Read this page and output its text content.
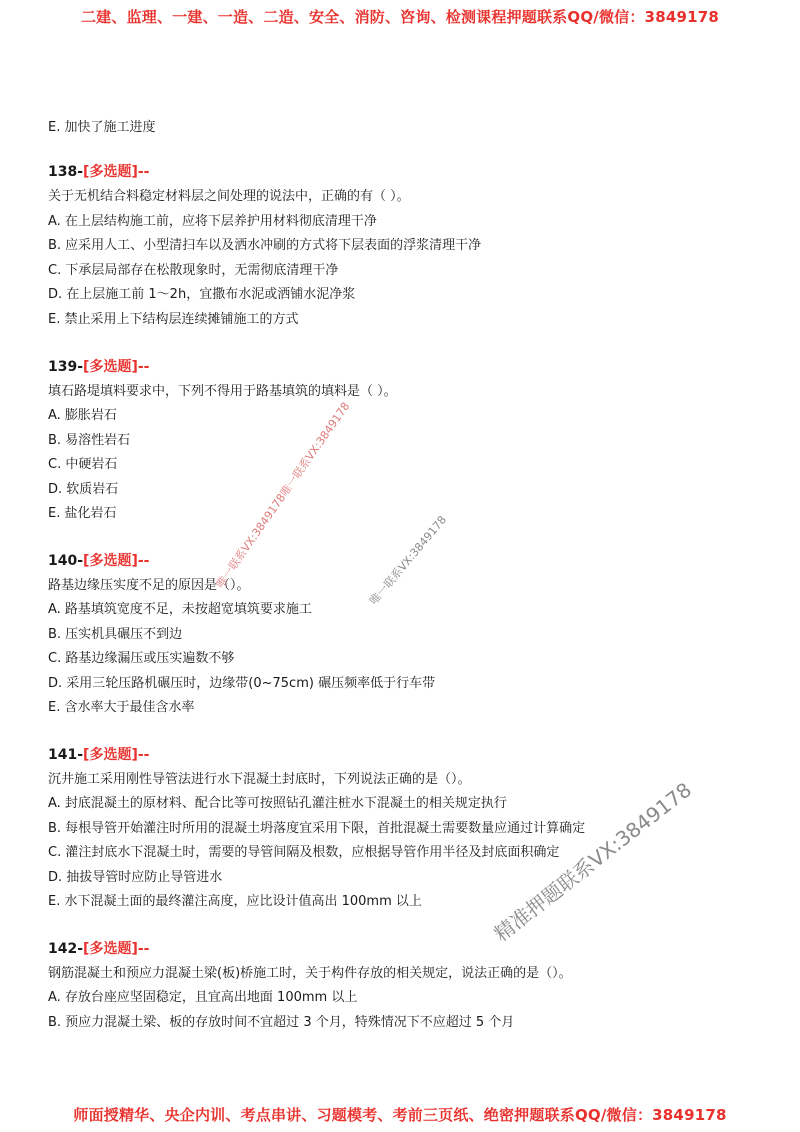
二建、监理、一建、一造、二造、安全、消防、咨询、检测课程押题联系QQ/微信：3849178
E. 加快了施工进度
138-[多选题]--
关于无机结合料稳定材料层之间处理的说法中，正确的有（ ）。
A. 在上层结构施工前，应将下层养护用材料彻底清理干净
B. 应采用人工、小型清扫车以及洒水冲刷的方式将下层表面的浮浆清理干净
C. 下承层局部存在松散现象时，无需彻底清理干净
D. 在上层施工前 1～2h，宜撒布水泥或洒铺水泥净浆
E. 禁止采用上下结构层连续摊铺施工的方式
139-[多选题]--
填石路堤填料要求中，下列不得用于路基填筑的填料是（ ）。
A. 膨胀岩石
B. 易溶性岩石
C. 中硬岩石
D. 软质岩石
E. 盐化岩石
140-[多选题]--
路基边缘压实度不足的原因是（）。
A. 路基填筑宽度不足，未按超宽填筑要求施工
B. 压实机具碾压不到边
C. 路基边缘漏压或压实遍数不够
D. 采用三轮压路机碾压时，边缘带(0~75cm) 碾压频率低于行车带
E. 含水率大于最佳含水率
141-[多选题]--
沉井施工采用刚性导管法进行水下混凝土封底时，下列说法正确的是（）。
A. 封底混凝土的原材料、配合比等可按照钻孔灌注桩水下混凝土的相关规定执行
B. 每根导管开始灌注时所用的混凝土坍落度宜采用下限，首批混凝土需要数量应通过计算确定
C. 灌注封底水下混凝土时，需要的导管间隔及根数，应根据导管作用半径及封底面积确定
D. 抽拔导管时应防止导管进水
E. 水下混凝土面的最终灌注高度，应比设计值高出 100mm 以上
142-[多选题]--
钢筋混凝土和预应力混凝土梁(板)桥施工时，关于构件存放的相关规定，说法正确的是（）。
A. 存放台座应坚固稳定，且宜高出地面 100mm 以上
B. 预应力混凝土梁、板的存放时间不宜超过 3 个月，特殊情况下不应超过 5 个月
唯一联系VX:3849178唯一联系VX:3849178 唯一联系VX:3849178
精准押题联系VX:3849178
师面授精华、央企内训、考点串讲、习题模考、考前三页纸、绝密押题联系QQ/微信：3849178
